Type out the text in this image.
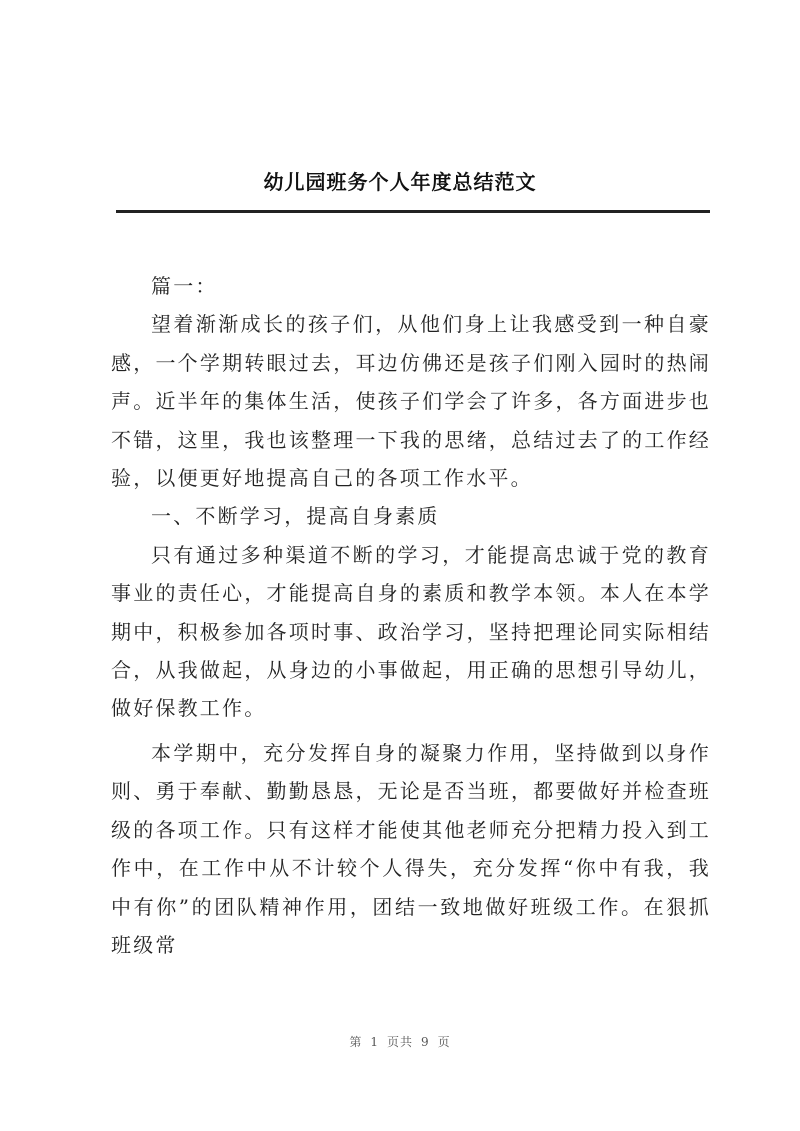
幼儿园班务个人年度总结范文

篇一：

望着渐渐成长的孩子们，从他们身上让我感受到一种自豪感，一个学期转眼过去，耳边仿佛还是孩子们刚入园时的热闹声。近半年的集体生活，使孩子们学会了许多，各方面进步也不错，这里，我也该整理一下我的思绪，总结过去了的工作经验，以便更好地提高自己的各项工作水平。

一、不断学习，提高自身素质

只有通过多种渠道不断的学习，才能提高忠诚于党的教育事业的责任心，才能提高自身的素质和教学本领。本人在本学期中，积极参加各项时事、政治学习，坚持把理论同实际相结合，从我做起，从身边的小事做起，用正确的思想引导幼儿，做好保教工作。

本学期中，充分发挥自身的凝聚力作用，坚持做到以身作则、勇于奉献、勤勤恳恳，无论是否当班，都要做好并检查班级的各项工作。只有这样才能使其他老师充分把精力投入到工作中，在工作中从不计较个人得失，充分发挥“你中有我，我中有你”的团队精神作用，团结一致地做好班级工作。在狠抓班级常

第 1 页共 9 页
